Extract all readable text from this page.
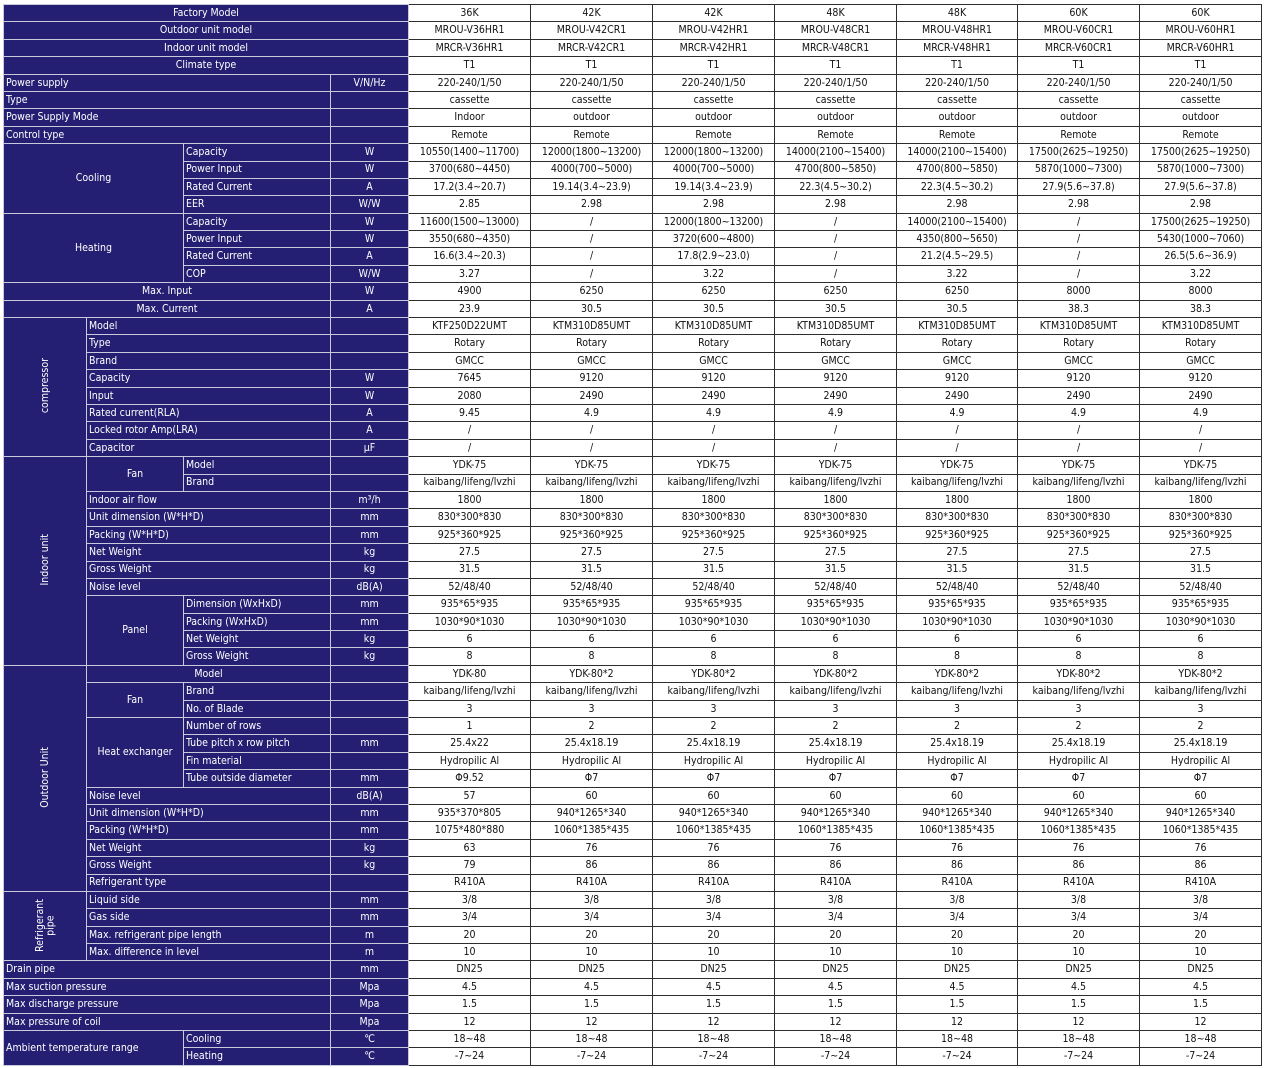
Factory Model				36K	42K	42K	48K	48K	60K	60K
Outdoor unit model				MROU-V36HR1	MROU-V42CR1	MROU-V42HR1	MROU-V48CR1	MROU-V48HR1	MROU-V60CR1	MROU-V60HR1
Indoor unit model				MRCR-V36HR1	MRCR-V42CR1	MRCR-V42HR1	MRCR-V48CR1	MRCR-V48HR1	MRCR-V60CR1	MRCR-V60HR1
Climate type				T1	T1	T1	T1	T1	T1	T1
Power supply			V/N/Hz	220-240/1/50	220-240/1/50	220-240/1/50	220-240/1/50	220-240/1/50	220-240/1/50	220-240/1/50
Type				cassette	cassette	cassette	cassette	cassette	cassette	cassette
Power Supply Mode				Indoor	outdoor	outdoor	outdoor	outdoor	outdoor	outdoor
Control type				Remote	Remote	Remote	Remote	Remote	Remote	Remote
Cooling		Capacity	W	10550(1400~11700)	12000(1800~13200)	12000(1800~13200)	14000(2100~15400)	14000(2100~15400)	17500(2625~19250)	17500(2625~19250)
		Power Input	W	3700(680~4450)	4000(700~5000)	4000(700~5000)	4700(800~5850)	4700(800~5850)	5870(1000~7300)	5870(1000~7300)
		Rated Current	A	17.2(3.4~20.7)	19.14(3.4~23.9)	19.14(3.4~23.9)	22.3(4.5~30.2)	22.3(4.5~30.2)	27.9(5.6~37.8)	27.9(5.6~37.8)
		EER	W/W	2.85	2.98	2.98	2.98	2.98	2.98	2.98
Heating		Capacity	W	11600(1500~13000)	/	12000(1800~13200)	/	14000(2100~15400)	/	17500(2625~19250)
		Power Input	W	3550(680~4350)	/	3720(600~4800)	/	4350(800~5650)	/	5430(1000~7060)
		Rated Current	A	16.6(3.4~20.3)	/	17.8(2.9~23.0)	/	21.2(4.5~29.5)	/	26.5(5.6~36.9)
		COP	W/W	3.27	/	3.22	/	3.22	/	3.22
Max. Input			W	4900	6250	6250	6250	6250	8000	8000
Max. Current			A	23.9	30.5	30.5	30.5	30.5	38.3	38.3

compressor	Model			KTF250D22UMT	KTM310D85UMT	KTM310D85UMT	KTM310D85UMT	KTM310D85UMT	KTM310D85UMT	KTM310D85UMT
	Type			Rotary	Rotary	Rotary	Rotary	Rotary	Rotary	Rotary
	Brand			GMCC	GMCC	GMCC	GMCC	GMCC	GMCC	GMCC
	Capacity		W	7645	9120	9120	9120	9120	9120	9120
	Input		W	2080	2490	2490	2490	2490	2490	2490
	Rated current(RLA)		A	9.45	4.9	4.9	4.9	4.9	4.9	4.9
	Locked rotor Amp(LRA)		A	/	/	/	/	/	/	/
	Capacitor		μF	/	/	/	/	/	/	/

Indoor unit	Fan	Model		YDK-75	YDK-75	YDK-75	YDK-75	YDK-75	YDK-75	YDK-75
		Brand		kaibang/lifeng/lvzhi	kaibang/lifeng/lvzhi	kaibang/lifeng/lvzhi	kaibang/lifeng/lvzhi	kaibang/lifeng/lvzhi	kaibang/lifeng/lvzhi	kaibang/lifeng/lvzhi
	Indoor air flow		m³/h	1800	1800	1800	1800	1800	1800	1800
	Unit dimension (W*H*D)		mm	830*300*830	830*300*830	830*300*830	830*300*830	830*300*830	830*300*830	830*300*830
	Packing (W*H*D)		mm	925*360*925	925*360*925	925*360*925	925*360*925	925*360*925	925*360*925	925*360*925
	Net Weight		kg	27.5	27.5	27.5	27.5	27.5	27.5	27.5
	Gross Weight		kg	31.5	31.5	31.5	31.5	31.5	31.5	31.5
	Noise level		dB(A)	52/48/40	52/48/40	52/48/40	52/48/40	52/48/40	52/48/40	52/48/40
	Panel	Dimension (WxHxD)	mm	935*65*935	935*65*935	935*65*935	935*65*935	935*65*935	935*65*935	935*65*935
		Packing (WxHxD)	mm	1030*90*1030	1030*90*1030	1030*90*1030	1030*90*1030	1030*90*1030	1030*90*1030	1030*90*1030
		Net Weight	kg	6	6	6	6	6	6	6
		Gross Weight	kg	8	8	8	8	8	8	8

Outdoor Unit	Model			YDK-80	YDK-80*2	YDK-80*2	YDK-80*2	YDK-80*2	YDK-80*2	YDK-80*2
	Fan	Brand		kaibang/lifeng/lvzhi	kaibang/lifeng/lvzhi	kaibang/lifeng/lvzhi	kaibang/lifeng/lvzhi	kaibang/lifeng/lvzhi	kaibang/lifeng/lvzhi	kaibang/lifeng/lvzhi
		No. of Blade		3	3	3	3	3	3	3
	Heat exchanger	Number of rows		1	2	2	2	2	2	2
		Tube pitch x row pitch	mm	25.4x22	25.4x18.19	25.4x18.19	25.4x18.19	25.4x18.19	25.4x18.19	25.4x18.19
		Fin material		Hydropilic Al	Hydropilic Al	Hydropilic Al	Hydropilic Al	Hydropilic Al	Hydropilic Al	Hydropilic Al
		Tube outside diameter	mm	Φ9.52	Φ7	Φ7	Φ7	Φ7	Φ7	Φ7
	Noise level		dB(A)	57	60	60	60	60	60	60
	Unit dimension (W*H*D)		mm	935*370*805	940*1265*340	940*1265*340	940*1265*340	940*1265*340	940*1265*340	940*1265*340
	Packing (W*H*D)		mm	1075*480*880	1060*1385*435	1060*1385*435	1060*1385*435	1060*1385*435	1060*1385*435	1060*1385*435
	Net Weight		kg	63	76	76	76	76	76	76
	Gross Weight		kg	79	86	86	86	86	86	86
	Refrigerant type			R410A	R410A	R410A	R410A	R410A	R410A	R410A

Refrigerant
pipe	Liquid side		mm	3/8	3/8	3/8	3/8	3/8	3/8	3/8
	Gas side		mm	3/4	3/4	3/4	3/4	3/4	3/4	3/4
	Max. refrigerant pipe length		m	20	20	20	20	20	20	20
	Max. difference in level		m	10	10	10	10	10	10	10
Drain pipe			mm	DN25	DN25	DN25	DN25	DN25	DN25	DN25
Max suction pressure			Mpa	4.5	4.5	4.5	4.5	4.5	4.5	4.5
Max discharge pressure			Mpa	1.5	1.5	1.5	1.5	1.5	1.5	1.5
Max pressure of coil			Mpa	12	12	12	12	12	12	12
Ambient temperature range		Cooling	℃	18~48	18~48	18~48	18~48	18~48	18~48	18~48
		Heating	℃	-7~24	-7~24	-7~24	-7~24	-7~24	-7~24	-7~24
